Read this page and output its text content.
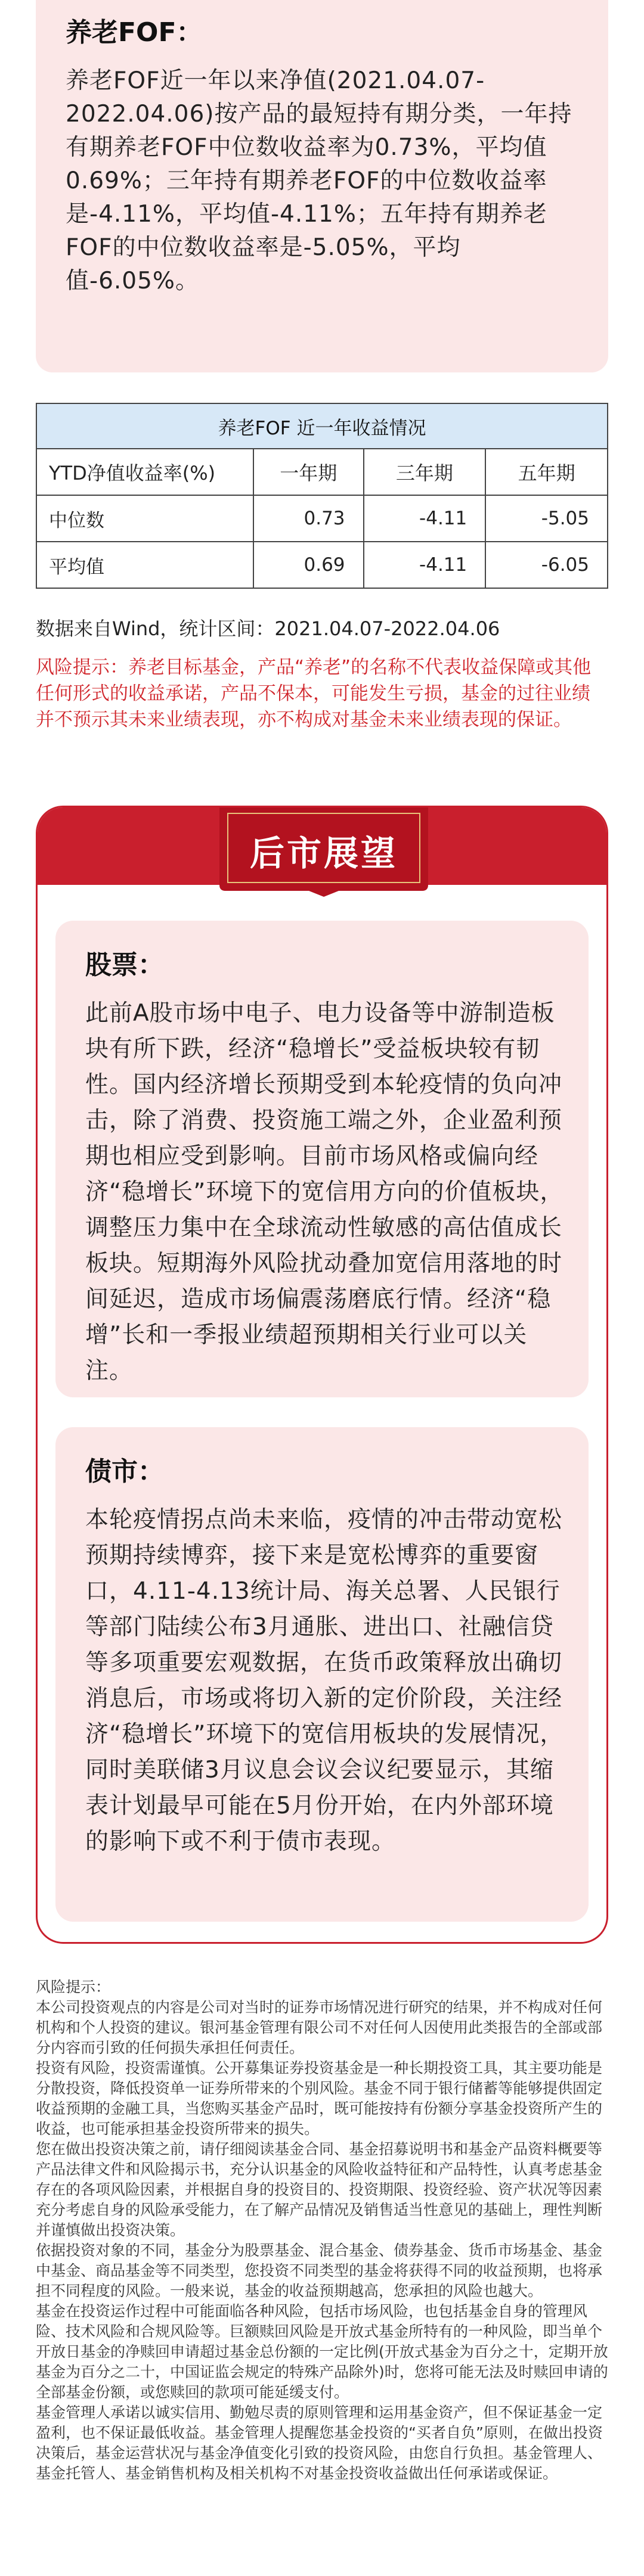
养老FOF：
养老FOF近一年以来净值(2021.04.07-2022.04.06)按产品的最短持有期分类，一年持有期养老FOF中位数收益率为0.73%，平均值0.69%；三年持有期养老FOF的中位数收益率是-4.11%，平均值-4.11%；五年持有期养老FOF的中位数收益率是-5.05%，平均值-6.05%。
养老FOF 近一年收益情况			
YTD净值收益率(%)	一年期	三年期	五年期
中位数	0.73	-4.11	-5.05
平均值	0.69	-4.11	-6.05
数据来自Wind，统计区间：2021.04.07-2022.04.06
风险提示：养老目标基金，产品“养老”的名称不代表收益保障或其他任何形式的收益承诺，产品不保本，可能发生亏损，基金的过往业绩并不预示其未来业绩表现，亦不构成对基金未来业绩表现的保证。
后市展望
股票：
此前A股市场中电子、电力设备等中游制造板块有所下跌，经济“稳增长”受益板块较有韧性。国内经济增长预期受到本轮疫情的负向冲击，除了消费、投资施工端之外，企业盈利预期也相应受到影响。目前市场风格或偏向经济“稳增长”环境下的宽信用方向的价值板块，调整压力集中在全球流动性敏感的高估值成长板块。短期海外风险扰动叠加宽信用落地的时间延迟，造成市场偏震荡磨底行情。经济“稳增”长和一季报业绩超预期相关行业可以关注。
债市：
本轮疫情拐点尚未来临，疫情的冲击带动宽松预期持续博弈，接下来是宽松博弈的重要窗口，4.11-4.13统计局、海关总署、人民银行等部门陆续公布3月通胀、进出口、社融信贷等多项重要宏观数据，在货币政策释放出确切消息后，市场或将切入新的定价阶段，关注经济“稳增长”环境下的宽信用板块的发展情况，同时美联储3月议息会议会议纪要显示，其缩表计划最早可能在5月份开始，在内外部环境的影响下或不利于债市表现。

风险提示：

本公司投资观点的内容是公司对当时的证券市场情况进行研究的结果，并不构成对任何机构和个人投资的建议。银河基金管理有限公司不对任何人因使用此类报告的全部或部分内容而引致的任何损失承担任何责任。

投资有风险，投资需谨慎。公开募集证券投资基金是一种长期投资工具，其主要功能是分散投资，降低投资单一证券所带来的个别风险。基金不同于银行储蓄等能够提供固定收益预期的金融工具，当您购买基金产品时，既可能按持有份额分享基金投资所产生的收益，也可能承担基金投资所带来的损失。

您在做出投资决策之前，请仔细阅读基金合同、基金招募说明书和基金产品资料概要等产品法律文件和风险揭示书，充分认识基金的风险收益特征和产品特性，认真考虑基金存在的各项风险因素，并根据自身的投资目的、投资期限、投资经验、资产状况等因素充分考虑自身的风险承受能力，在了解产品情况及销售适当性意见的基础上，理性判断并谨慎做出投资决策。

依据投资对象的不同，基金分为股票基金、混合基金、债券基金、货币市场基金、基金中基金、商品基金等不同类型，您投资不同类型的基金将获得不同的收益预期，也将承担不同程度的风险。一般来说，基金的收益预期越高，您承担的风险也越大。

基金在投资运作过程中可能面临各种风险，包括市场风险，也包括基金自身的管理风险、技术风险和合规风险等。巨额赎回风险是开放式基金所特有的一种风险，即当单个开放日基金的净赎回申请超过基金总份额的一定比例(开放式基金为百分之十，定期开放基金为百分之二十，中国证监会规定的特殊产品除外)时，您将可能无法及时赎回申请的全部基金份额，或您赎回的款项可能延缓支付。

基金管理人承诺以诚实信用、勤勉尽责的原则管理和运用基金资产，但不保证基金一定盈利，也不保证最低收益。基金管理人提醒您基金投资的“买者自负”原则，在做出投资决策后，基金运营状况与基金净值变化引致的投资风险，由您自行负担。基金管理人、基金托管人、基金销售机构及相关机构不对基金投资收益做出任何承诺或保证。
